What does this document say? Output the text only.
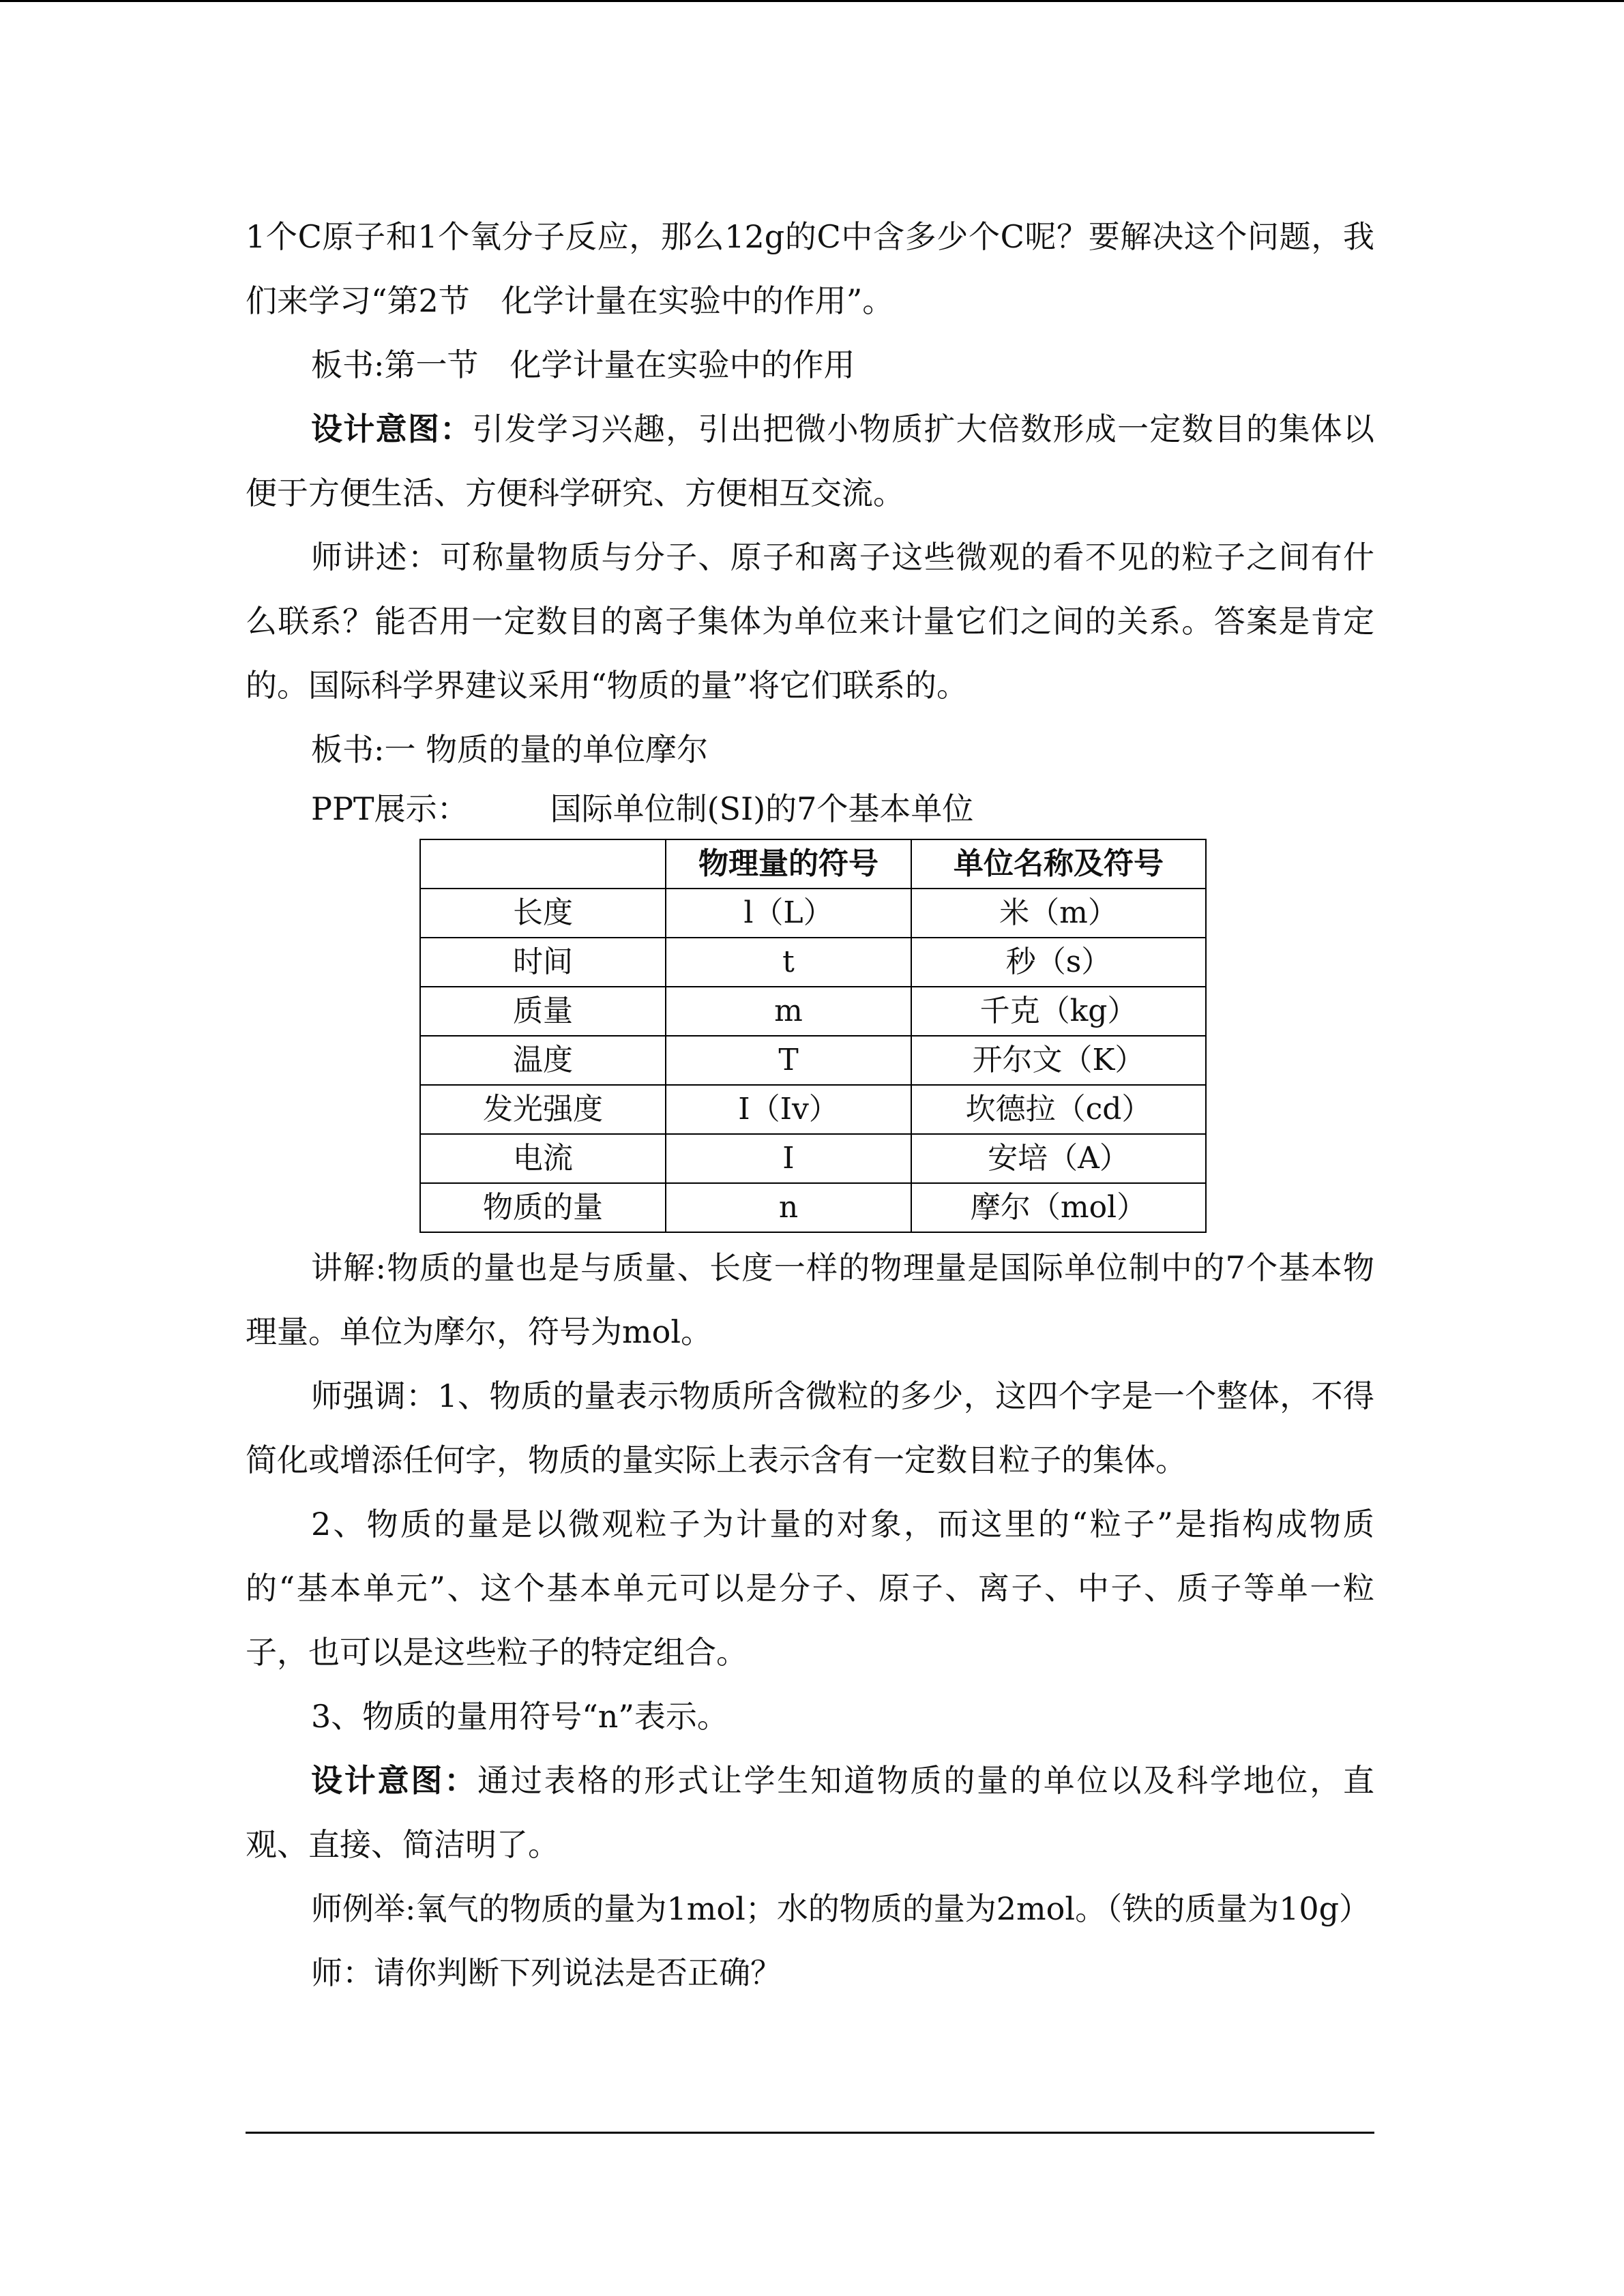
1个C原子和1个氧分子反应，那么12g的C中含多少个C呢？要解决这个问题，我们来学习“第2节　化学计量在实验中的作用”。

板书:第一节　化学计量在实验中的作用

设计意图：引发学习兴趣，引出把微小物质扩大倍数形成一定数目的集体以便于方便生活、方便科学研究、方便相互交流。

师讲述：可称量物质与分子、原子和离子这些微观的看不见的粒子之间有什么联系？能否用一定数目的离子集体为单位来计量它们之间的关系。答案是肯定的。国际科学界建议采用“物质的量”将它们联系的。

板书:一 物质的量的单位摩尔

PPT展示：	国际单位制(SI)的7个基本单位

	物理量的符号	单位名称及符号
长度	l（L）	米（m）
时间	t	秒（s）
质量	m	千克（kg）
温度	T	开尔文（K）
发光强度	I（Iv）	坎德拉（cd）
电流	I	安培（A）
物质的量	n	摩尔（mol）

讲解:物质的量也是与质量、长度一样的物理量是国际单位制中的7个基本物理量。单位为摩尔，符号为mol。

师强调：1、物质的量表示物质所含微粒的多少，这四个字是一个整体，不得简化或增添任何字，物质的量实际上表示含有一定数目粒子的集体。

2、物质的量是以微观粒子为计量的对象，而这里的“粒子”是指构成物质的“基本单元”、这个基本单元可以是分子、原子、离子、中子、质子等单一粒子，也可以是这些粒子的特定组合。

3、物质的量用符号“n”表示。

设计意图：通过表格的形式让学生知道物质的量的单位以及科学地位，直观、直接、简洁明了。

师例举:氧气的物质的量为1mol；水的物质的量为2mol。（铁的质量为10g）

师：请你判断下列说法是否正确？
